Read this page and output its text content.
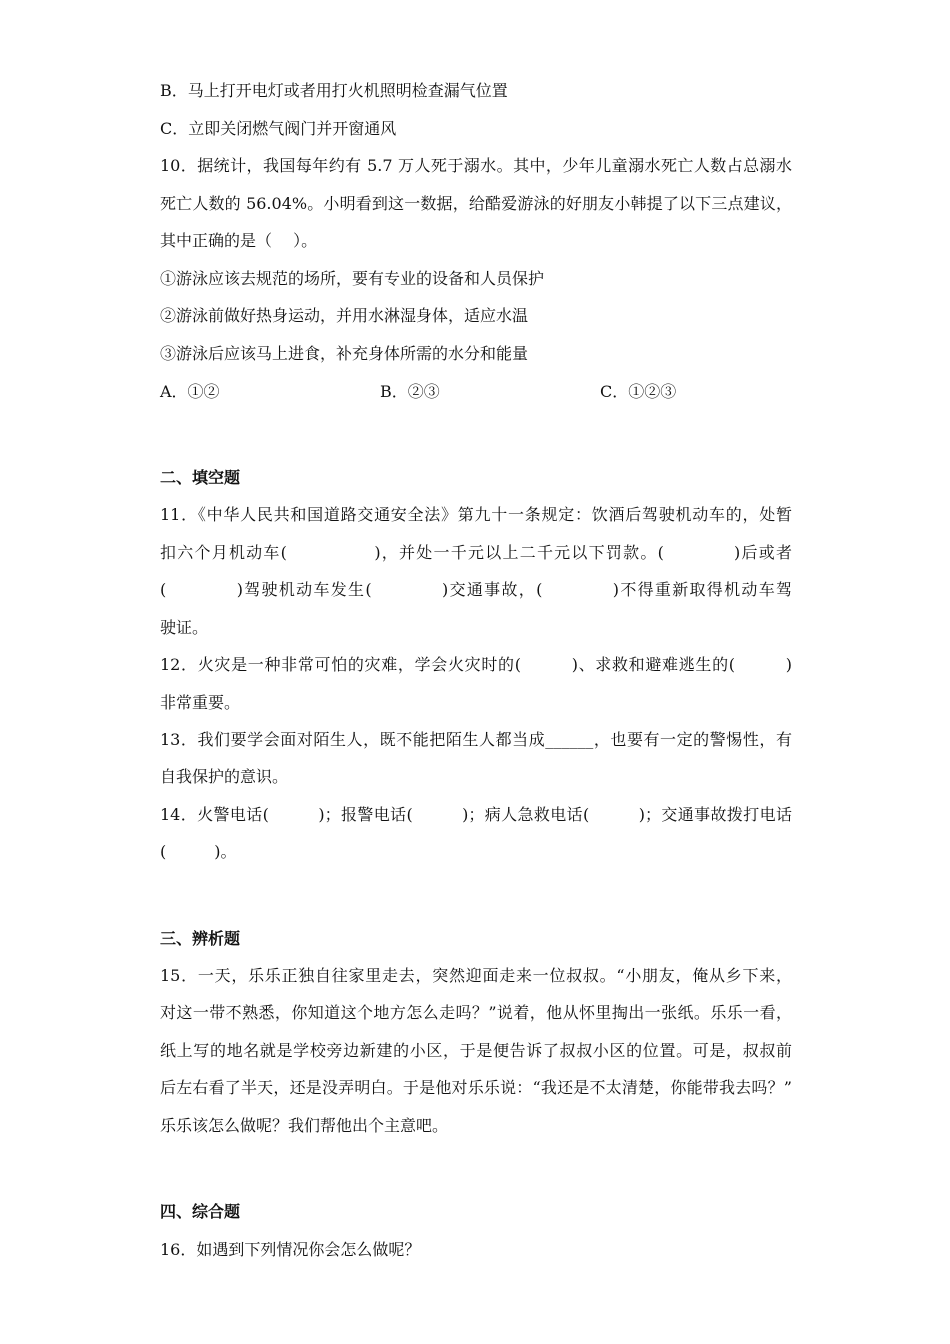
B．马上打开电灯或者用打火机照明检查漏气位置
C．立即关闭燃气阀门并开窗通风
10．据统计，我国每年约有 5.7 万人死于溺水。其中，少年儿童溺水死亡人数占总溺水
死亡人数的 56.04%。小明看到这一数据，给酷爱游泳的好朋友小韩提了以下三点建议，
其中正确的是（　 ）。
①游泳应该去规范的场所，要有专业的设备和人员保护
②游泳前做好热身运动，并用水淋湿身体，适应水温
③游泳后应该马上进食，补充身体所需的水分和能量
A．①②	B．②③	C．①②③
二、填空题
11．《中华人民共和国道路交通安全法》第九十一条规定：饮酒后驾驶机动车的，处暂
扣六个月机动车(　　　　　)，并处一千元以上二千元以下罚款。(　　　　)后或者
(　　　　)驾驶机动车发生(　　　　)交通事故，(　　　　)不得重新取得机动车驾
驶证。
12．火灾是一种非常可怕的灾难，学会火灾时的(　　　)、求救和避难逃生的(　　　)
非常重要。
13．我们要学会面对陌生人，既不能把陌生人都当成______，也要有一定的警惕性，有
自我保护的意识。
14．火警电话(　　　)；报警电话(　　　)；病人急救电话(　　　)；交通事故拨打电话
(　　　)。
三、辨析题
15．一天，乐乐正独自往家里走去，突然迎面走来一位叔叔。“小朋友，俺从乡下来，
对这一带不熟悉，你知道这个地方怎么走吗？”说着，他从怀里掏出一张纸。乐乐一看，
纸上写的地名就是学校旁边新建的小区，于是便告诉了叔叔小区的位置。可是，叔叔前
后左右看了半天，还是没弄明白。于是他对乐乐说：“我还是不太清楚，你能带我去吗？”
乐乐该怎么做呢？我们帮他出个主意吧。
四、综合题
16．如遇到下列情况你会怎么做呢？
